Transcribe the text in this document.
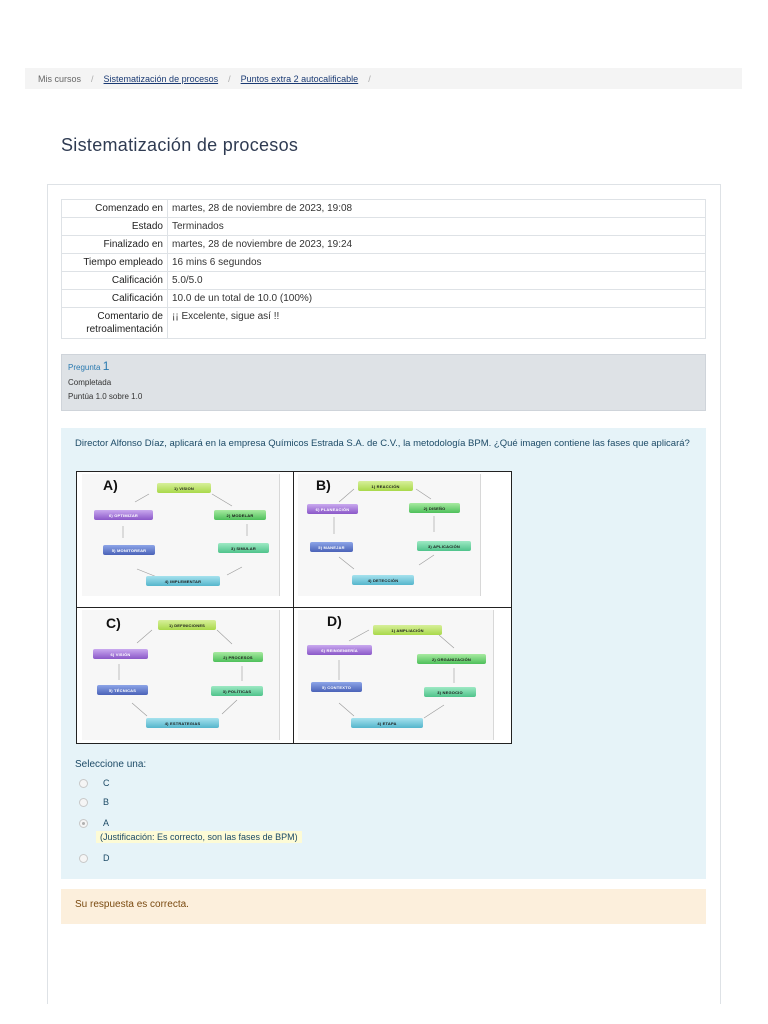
Mis cursos / Sistematización de procesos / Puntos extra 2 autocalificable /
Sistematización de procesos
Comenzado en	martes, 28 de noviembre de 2023, 19:08
Estado	Terminados
Finalizado en	martes, 28 de noviembre de 2023, 19:24
Tiempo empleado	16 mins 6 segundos
Calificación	5.0/5.0
Calificación	10.0 de un total de 10.0 (100%)
Comentario de retroalimentación	¡¡ Excelente, sigue así !!
Pregunta 1
Completada
Puntúa 1.0 sobre 1.0

Director Alfonso Díaz, aplicará en la empresa Químicos Estrada S.A. de C.V., la metodología BPM. ¿Qué imagen contiene las fases que aplicará?

A)	1) VISION
2) MODELAR
3) SIMULAR
4) IMPLEMENTAR
5) MONITOREAR
6) OPTIMIZAR
B)	1) REACCIÓN
2) DISEÑO
3) APLICACIÓN
4) DETECCIÓN
5) MANEJAR
6) PLANEACIÓN
C)	1) DEFINICIONES
2) PROCESOS
3) POLÍTICAS
4) ESTRATEGIAS
5) TÉCNICAS
6) VISIÓN
D)
1) AMPLIACIÓN
2) ORGANIZACIÓN
3) NEGOCIO
4) ETAPA
5) CONTEXTO
6) REINGENIERÍA
Seleccione una:
C
B
A
(Justificación: Es correcto, son las fases de BPM)
D
Su respuesta es correcta.
